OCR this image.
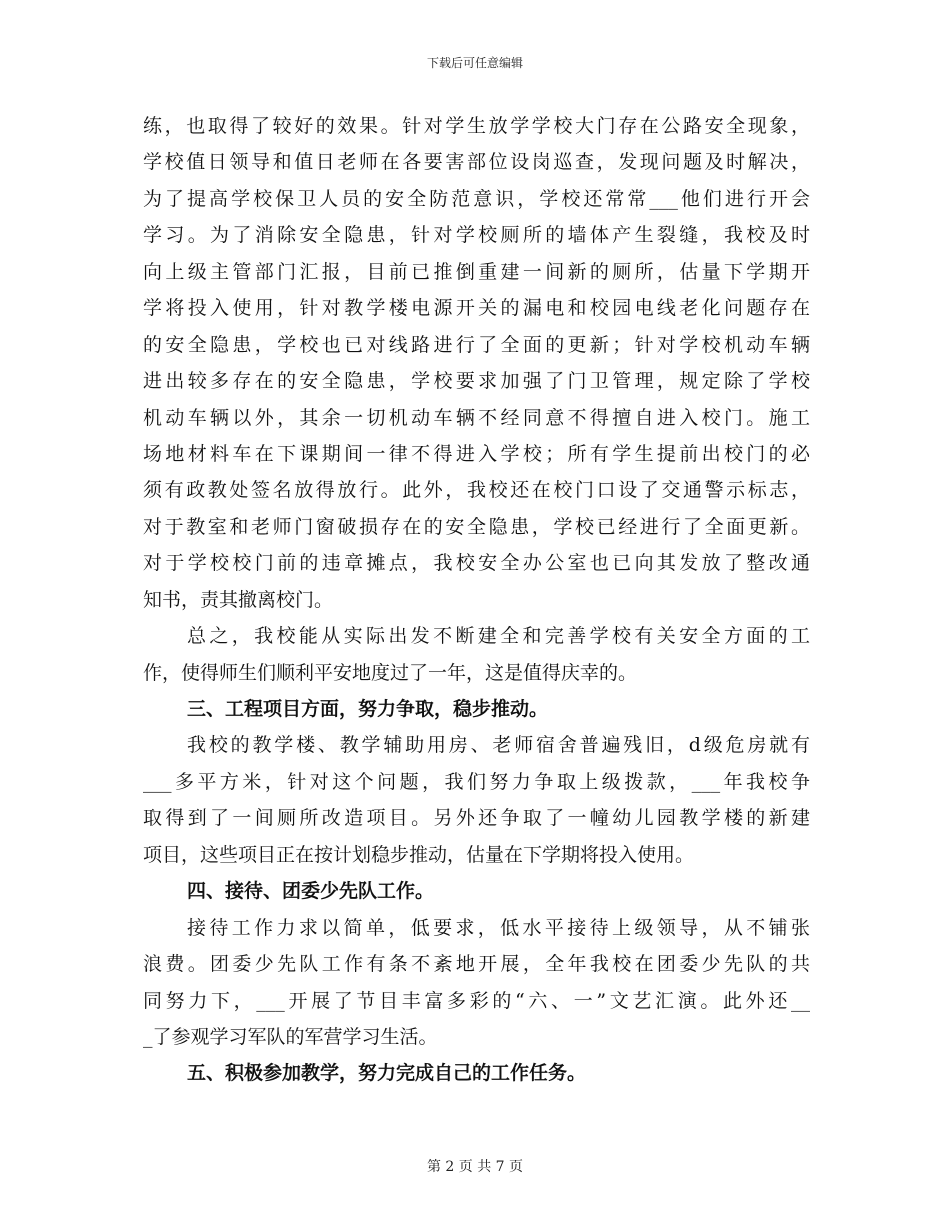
下载后可任意编辑
练，也取得了较好的效果。针对学生放学学校大门存在公路安全现象，
学校值日领导和值日老师在各要害部位设岗巡查，发现问题及时解决，
为了提高学校保卫人员的安全防范意识，学校还常常___他们进行开会
学习。为了消除安全隐患，针对学校厕所的墙体产生裂缝，我校及时
向上级主管部门汇报，目前已推倒重建一间新的厕所，估量下学期开
学将投入使用，针对教学楼电源开关的漏电和校园电线老化问题存在
的安全隐患，学校也已对线路进行了全面的更新；针对学校机动车辆
进出较多存在的安全隐患，学校要求加强了门卫管理，规定除了学校
机动车辆以外，其余一切机动车辆不经同意不得擅自进入校门。施工
场地材料车在下课期间一律不得进入学校；所有学生提前出校门的必
须有政教处签名放得放行。此外，我校还在校门口设了交通警示标志，
对于教室和老师门窗破损存在的安全隐患，学校已经进行了全面更新。
对于学校校门前的违章摊点，我校安全办公室也已向其发放了整改通
知书，责其撤离校门。
总之，我校能从实际出发不断建全和完善学校有关安全方面的工
作，使得师生们顺利平安地度过了一年，这是值得庆幸的。
三、工程项目方面，努力争取，稳步推动。
我校的教学楼、教学辅助用房、老师宿舍普遍残旧，d级危房就有
___多平方米，针对这个问题，我们努力争取上级拨款，___年我校争
取得到了一间厕所改造项目。另外还争取了一幢幼儿园教学楼的新建
项目，这些项目正在按计划稳步推动，估量在下学期将投入使用。
四、接待、团委少先队工作。
接待工作力求以简单，低要求，低水平接待上级领导，从不铺张
浪费。团委少先队工作有条不紊地开展，全年我校在团委少先队的共
同努力下，___开展了节目丰富多彩的“六、一”文艺汇演。此外还__
_了参观学习军队的军营学习生活。
五、积极参加教学，努力完成自己的工作任务。
第 2 页 共 7 页
